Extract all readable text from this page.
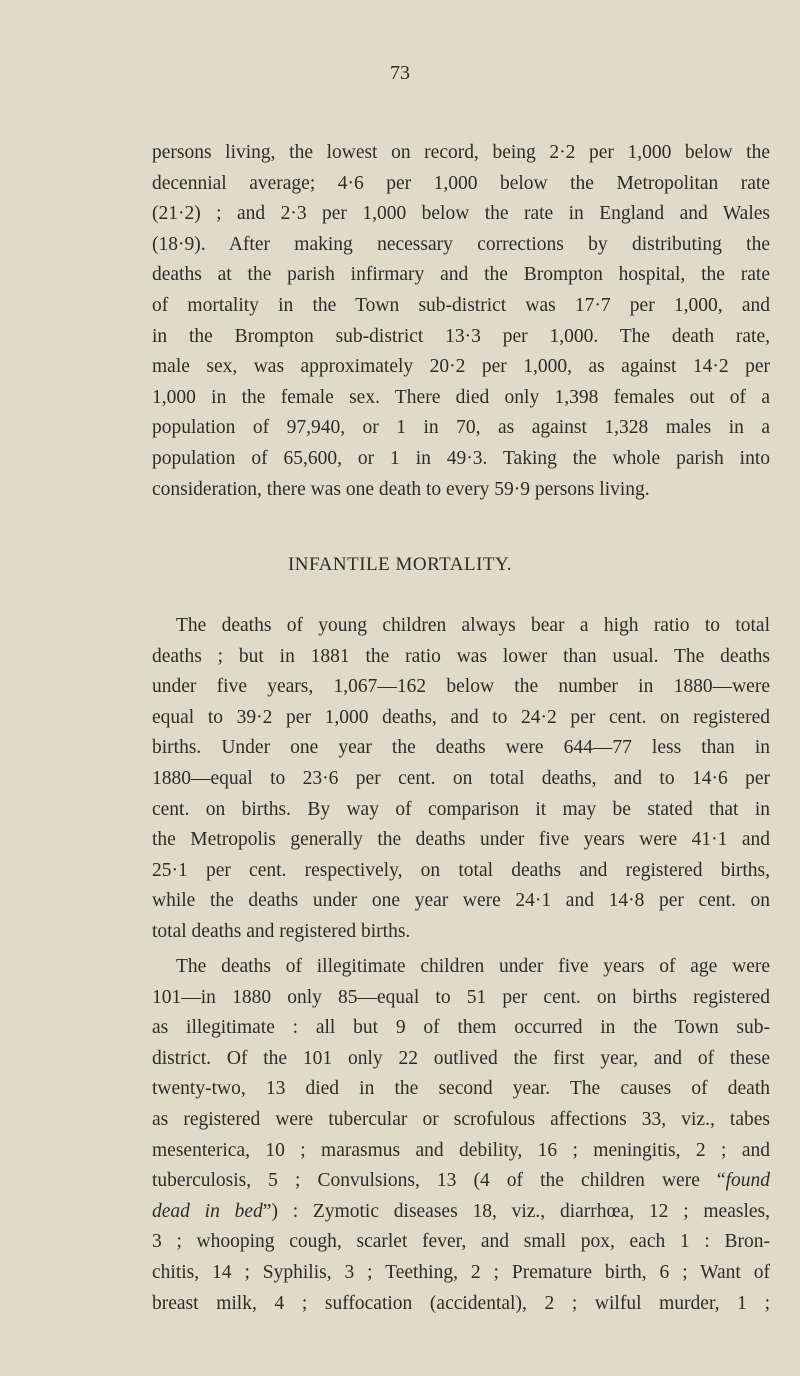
73
persons living, the lowest on record, being 2·2 per 1,000 below the
decennial average; 4·6 per 1,000 below the Metropolitan rate
(21·2) ; and 2·3 per 1,000 below the rate in England and Wales
(18·9). After making necessary corrections by distributing the
deaths at the parish infirmary and the Brompton hospital, the rate
of mortality in the Town sub-district was 17·7 per 1,000, and
in the Brompton sub-district 13·3 per 1,000. The death rate,
male sex, was approximately 20·2 per 1,000, as against 14·2 per
1,000 in the female sex. There died only 1,398 females out of a
population of 97,940, or 1 in 70, as against 1,328 males in a
population of 65,600, or 1 in 49·3. Taking the whole parish into
consideration, there was one death to every 59·9 persons living.
INFANTILE MORTALITY.
The deaths of young children always bear a high ratio to total
deaths ; but in 1881 the ratio was lower than usual. The deaths
under five years, 1,067—162 below the number in 1880—were
equal to 39·2 per 1,000 deaths, and to 24·2 per cent. on registered
births. Under one year the deaths were 644—77 less than in
1880—equal to 23·6 per cent. on total deaths, and to 14·6 per
cent. on births. By way of comparison it may be stated that in
the Metropolis generally the deaths under five years were 41·1 and
25·1 per cent. respectively, on total deaths and registered births,
while the deaths under one year were 24·1 and 14·8 per cent. on
total deaths and registered births.
The deaths of illegitimate children under five years of age were
101—in 1880 only 85—equal to 51 per cent. on births registered
as illegitimate : all but 9 of them occurred in the Town sub-
district. Of the 101 only 22 outlived the first year, and of these
twenty-two, 13 died in the second year. The causes of death
as registered were tubercular or scrofulous affections 33, viz., tabes
mesenterica, 10 ; marasmus and debility, 16 ; meningitis, 2 ; and
tuberculosis, 5 ; Convulsions, 13 (4 of the children were “found
dead in bed”) : Zymotic diseases 18, viz., diarrhœa, 12 ; measles,
3 ; whooping cough, scarlet fever, and small pox, each 1 : Bron-
chitis, 14 ; Syphilis, 3 ; Teething, 2 ; Premature birth, 6 ; Want of
breast milk, 4 ; suffocation (accidental), 2 ; wilful murder, 1 ;
